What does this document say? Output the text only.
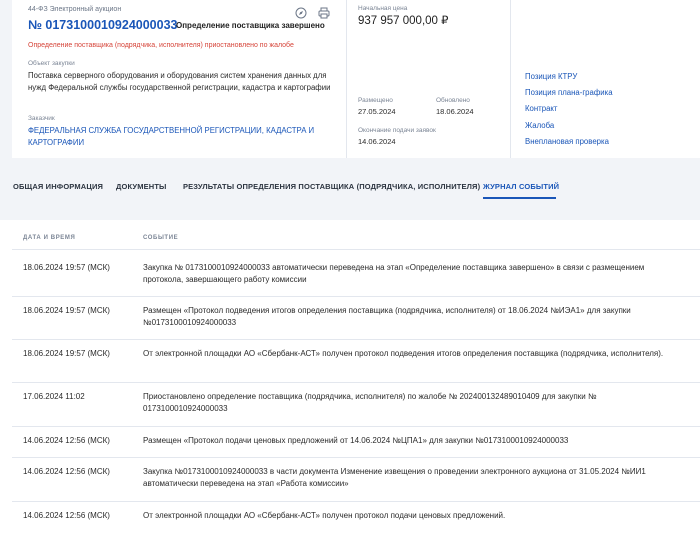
44-ФЗ Электронный аукцион
№ 0173100010924000033
Определение поставщика завершено
Определение поставщика (подрядчика, исполнителя) приостановлено по жалобе
Объект закупки
Поставка серверного оборудования и оборудования систем хранения данных для нужд Федеральной службы государственной регистрации, кадастра и картографии
Заказчик
ФЕДЕРАЛЬНАЯ СЛУЖБА ГОСУДАРСТВЕННОЙ РЕГИСТРАЦИИ, КАДАСТРА И КАРТОГРАФИИ
Начальная цена
937 957 000,00 ₽
Размещено
27.05.2024
Обновлено
18.06.2024
Окончание подачи заявок
14.06.2024
Позиция КТРУ
Позиция плана-графика
Контракт
Жалоба
Внеплановая проверка
ОБЩАЯ ИНФОРМАЦИЯ ДОКУМЕНТЫ РЕЗУЛЬТАТЫ ОПРЕДЕЛЕНИЯ ПОСТАВЩИКА (ПОДРЯДЧИКА, ИСПОЛНИТЕЛЯ) ЖУРНАЛ СОБЫТИЙ
ДАТА И ВРЕМЯ	СОБЫТИЕ
18.06.2024 19:57 (МСК)	Закупка № 0173100010924000033 автоматически переведена на этап «Определение поставщика завершено» в связи с размещением протокола, завершающего работу комиссии
18.06.2024 19:57 (МСК)	Размещен «Протокол подведения итогов определения поставщика (подрядчика, исполнителя) от 18.06.2024 №ИЭА1» для закупки №0173100010924000033
18.06.2024 19:57 (МСК)	От электронной площадки АО «Сбербанк-АСТ» получен протокол подведения итогов определения поставщика (подрядчика, исполнителя).
17.06.2024 11:02	Приостановлено определение поставщика (подрядчика, исполнителя) по жалобе № 202400132489010409 для закупки № 0173100010924000033
14.06.2024 12:56 (МСК)	Размещен «Протокол подачи ценовых предложений от 14.06.2024 №ЦПА1» для закупки №0173100010924000033
14.06.2024 12:56 (МСК)	Закупка №0173100010924000033 в части документа Изменение извещения о проведении электронного аукциона от 31.05.2024 №ИИ1 автоматически переведена на этап «Работа комиссии»
14.06.2024 12:56 (МСК)	От электронной площадки АО «Сбербанк-АСТ» получен протокол подачи ценовых предложений.
